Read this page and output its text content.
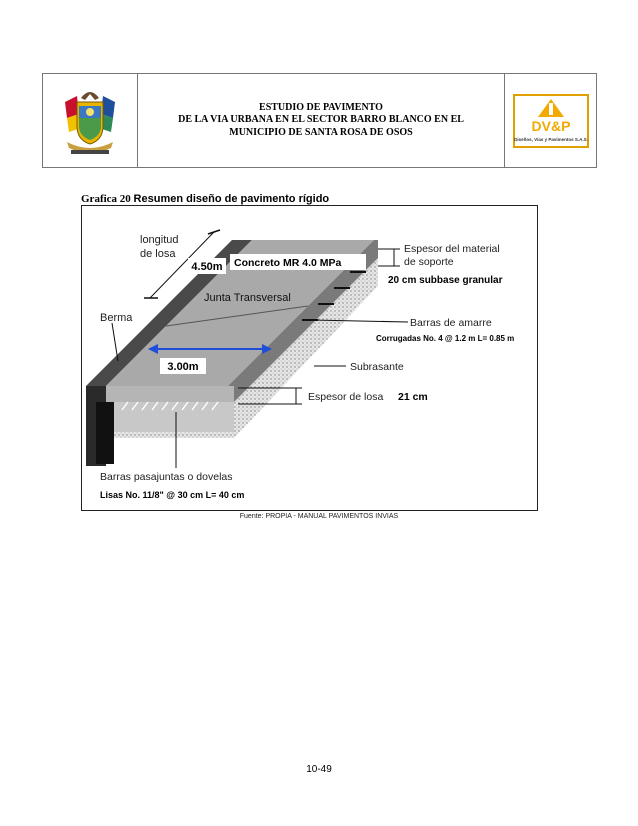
ESTUDIO DE PAVIMENTO
DE LA VIA URBANA EN EL SECTOR BARRO BLANCO EN EL
MUNICIPIO DE SANTA ROSA DE OSOS	DV&P
Diseños, Vías y Pavimentos S.A.S.
Grafica 20 Resumen diseño de pavimento rígido
3.00m
longitud
de losa
4.50m Concreto MR 4.0 MPa
Junta Transversal
Berma
Espesor del material
de soporte
20 cm subbase granular
Barras de amarre
Corrugadas No. 4 @ 1.2 m L= 0.85 m
Subrasante
Espesor de losa 21 cm
Barras pasajuntas o dovelas
Lisas No. 11/8" @ 30 cm L= 40 cm
Fuente: PROPIA - MANUAL PAVIMENTOS INVIAS
10-49
